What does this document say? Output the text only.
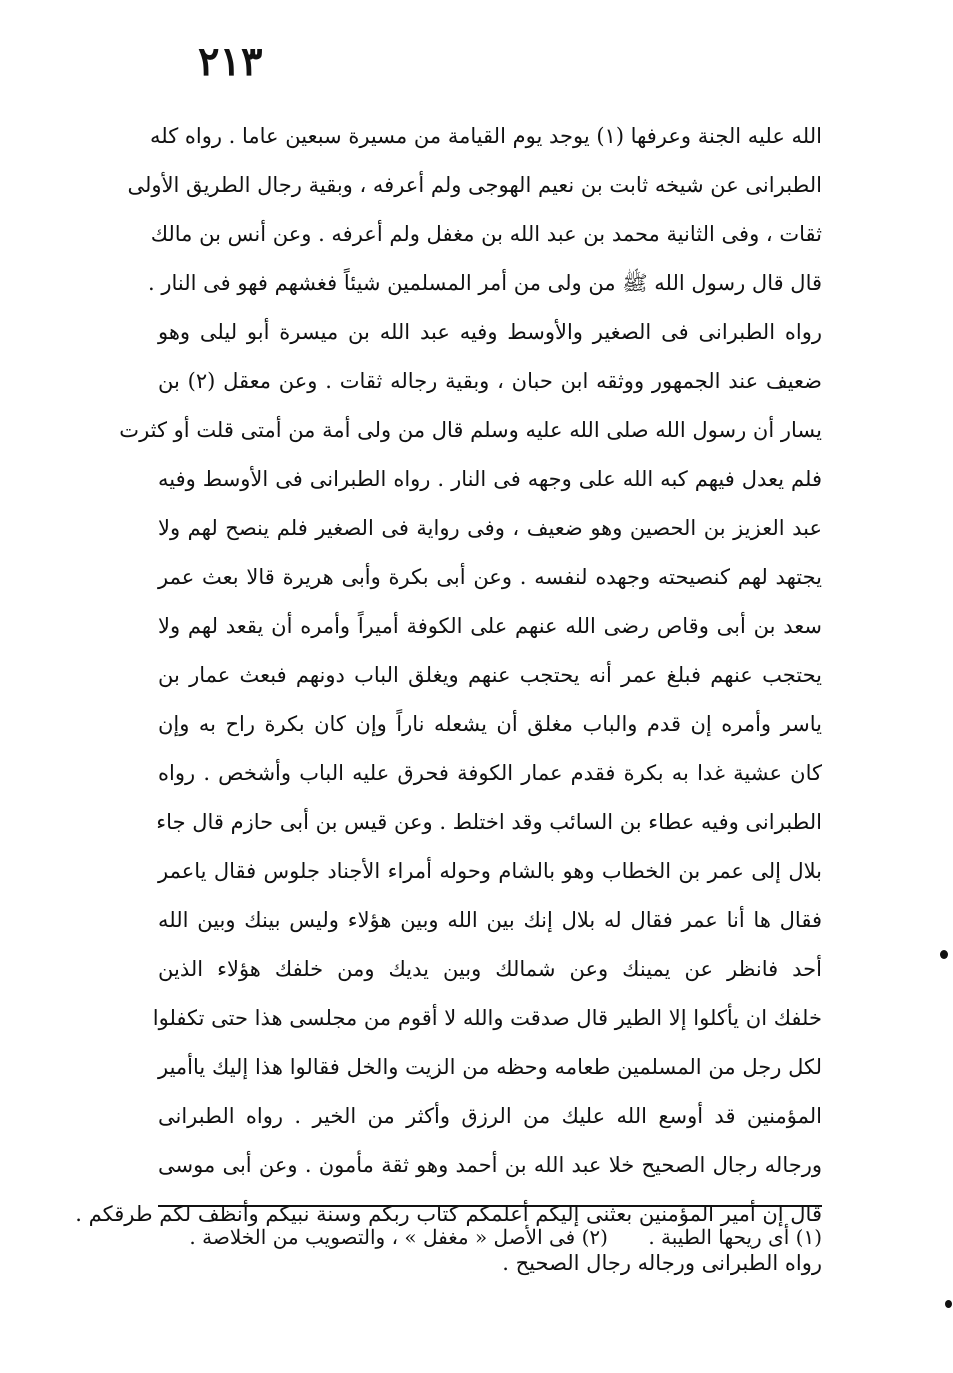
٢١٣
الله عليه الجنة وعرفها (١) يوجد يوم القيامة من مسيرة سبعين عاما . رواه كله
الطبرانى عن شيخه ثابت بن نعيم الهوجى ولم أعرفه ، وبقية رجال الطريق الأولى
ثقات ، وفى الثانية محمد بن عبد الله بن مغفل ولم أعرفه . وعن أنس بن مالك
قال قال رسول الله ﷺ من ولى من أمر المسلمين شيئاً فغشهم فهو فى النار .
رواه الطبرانى فى الصغير والأوسط وفيه عبد الله بن ميسرة أبو ليلى وهو
ضعيف عند الجمهور ووثقه ابن حبان ، وبقية رجاله ثقات . وعن معقل (٢) بن
يسار أن رسول الله صلى الله عليه وسلم قال من ولى أمة من أمتى قلت أو كثرت
فلم يعدل فيهم كبه الله على وجهه فى النار . رواه الطبرانى فى الأوسط وفيه
عبد العزيز بن الحصين وهو ضعيف ، وفى رواية فى الصغير فلم ينصح لهم ولا
يجتهد لهم كنصيحته وجهده لنفسه . وعن أبى بكرة وأبى هريرة قالا بعث عمر
سعد بن أبى وقاص رضى الله عنهم على الكوفة أميراً وأمره أن يقعد لهم ولا
يحتجب عنهم فبلغ عمر أنه يحتجب عنهم ويغلق الباب دونهم فبعث عمار بن
ياسر وأمره إن قدم والباب مغلق أن يشعله ناراً وإن كان بكرة راح به وإن
كان عشية غدا به بكرة فقدم عمار الكوفة فحرق عليه الباب وأشخص . رواه
الطبرانى وفيه عطاء بن السائب وقد اختلط . وعن قيس بن أبى حازم قال جاء
بلال إلى عمر بن الخطاب وهو بالشام وحوله أمراء الأجناد جلوس فقال ياعمر
فقال ها أنا عمر فقال له بلال إنك بين الله وبين هؤلاء وليس بينك وبين الله
أحد فانظر عن يمينك وعن شمالك وبين يديك ومن خلفك هؤلاء الذين
خلفك ان يأكلوا إلا الطير قال صدقت والله لا أقوم من مجلسى هذا حتى تكفلوا
لكل رجل من المسلمين طعامه وحظه من الزيت والخل فقالوا هذا إليك ياأمير
المؤمنين قد أوسع الله عليك من الرزق وأكثر من الخير . رواه الطبرانى
ورجاله رجال الصحيح خلا عبد الله بن أحمد وهو ثقة مأمون . وعن أبى موسى
قال إن أمير المؤمنين بعثنى إليكم أعلمكم كتاب ربكم وسنة نبيكم وأنظف لكم طرقكم .
رواه الطبرانى ورجاله رجال الصحيح .
(١) أى ريحها الطيبة . (٢) فى الأصل « مغفل » ، والتصويب من الخلاصة .
